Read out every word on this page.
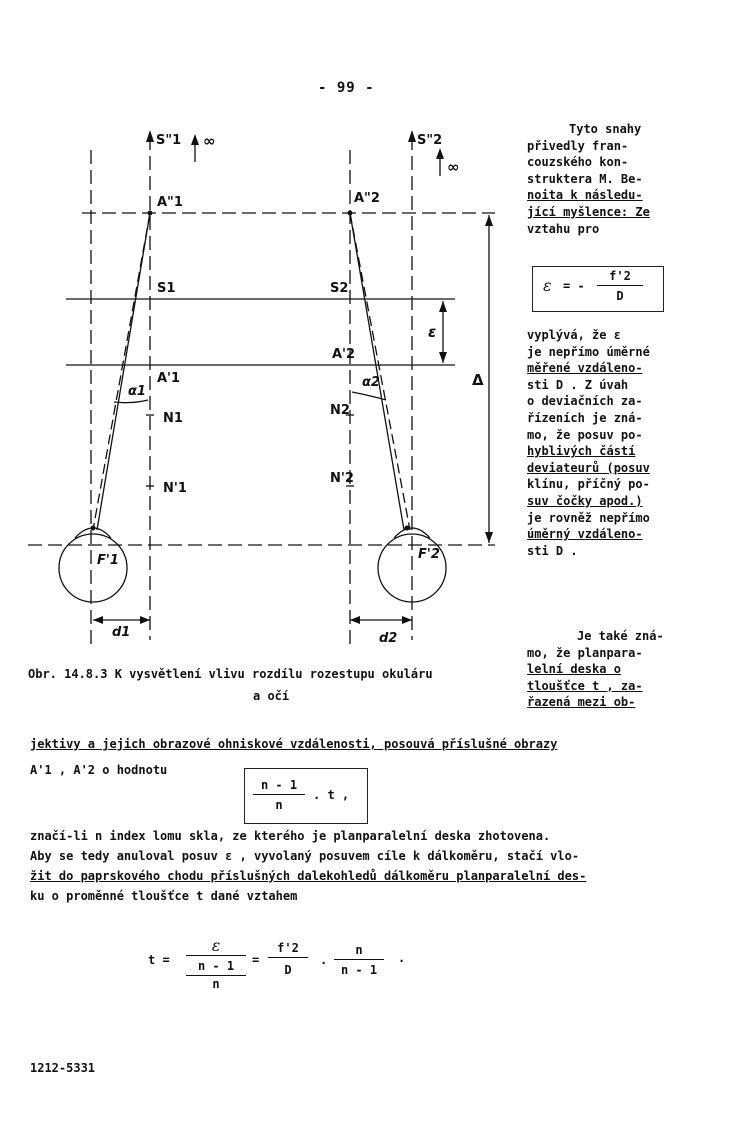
- 99 -
S"1 ∞
A"1
S1
A'1
α1
N1
N'1
F'1
d1
S"2
∞
A"2
S2
A'2
α2
N2
N'2
F'2
d2
ε
Δ
Tyto snahy
přivedly fran-
couzského kon-
struktera M. Be-
noita k následu-
jící myšlence: Ze
vztahu pro
ε = -
f'2
D
vyplývá, že ε
je nepřímo úměrné
měřené vzdáleno-
sti D . Z úvah
o deviačních za-
řízeních je zná-
mo, že posuv po-
hyblivých částí
deviateurů (posuv
klínu, příčný po-
suv čočky apod.)
je rovněž nepřímo
úměrný vzdáleno-
sti D .
Je také zná-
mo, že planpara-
lelní deska o
tloušťce t , za-
řazená mezi ob-
Obr. 14.8.3 K vysvětlení vlivu rozdílu rozestupu okuláru
a očí
jektivy a jejich obrazové ohniskové vzdálenosti, posouvá příslušné obrazy
A'1 , A'2 o hodnotu
n - 1
n
. t ,
značí-li n index lomu skla, ze kterého je planparalelní deska zhotovena.
Aby se tedy anuloval posuv ε , vyvolaný posuvem cíle k dálkoměru, stačí vlo-
žit do paprskového chodu příslušných dalekohledů dálkoměru planparalelní des-
ku o proměnné tloušťce t dané vztahem
t =
ε
n - 1
n
=
f'2
D
.
n
n - 1
.
1212-5331
